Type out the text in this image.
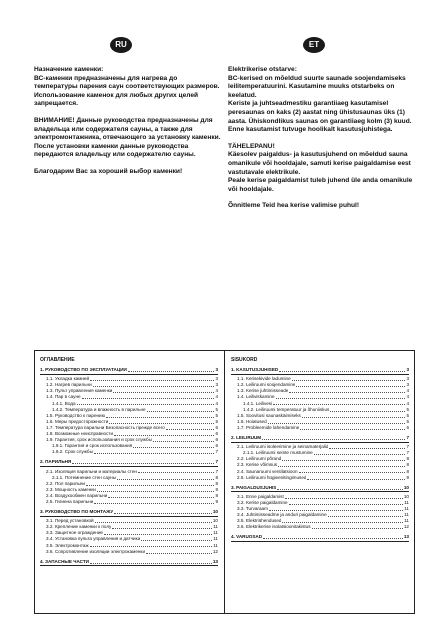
RU	ET

Назначение каменки:

ВС-каменки предназначены для нагрева до температуры парения саун соответствующих размеров. Использование каменок для любых других целей запрещается.

ВНИМАНИЕ! Данные руководства предназначены для владельца или содержателя сауны, а также для электромонтажника, отвечающего за установку каменки.

После установки каменки данные руководства передаются владельцу или содержателю сауны.

Благодарим Вас за хороший выбор каменки!

Elektrikerise otstarve:

BC-kerised on mõeldud suurte saunade soojendamiseks leilitemperatuurini. Kasutamine muuks otstarbeks on keelatud.

Keriste ja juhtseadmestiku garantiiaeg kasutamisel peresaunas on kaks (2) aastat ning ühistusaunas üks (1) aasta. Ühiskondlikus saunas on garantiiaeg kolm (3) kuud.

Enne kasutamist tutvuge hoolikalt kasutusjuhistega.

TÄHELEPANU!

Käesolev paigaldus- ja kasutusjuhend on mõeldud sauna omanikule või hooldajale, samuti kerise paigaldamise eest vastutavale elektrikule.

Peale kerise paigaldamist tuleb juhend üle anda omanikule või hooldajale.

Õnnitleme Teid hea kerise valimise puhul!

ОГЛАВЛЕНИЕ
1. РУКОВОДСТВО ПО ЭКСПЛУАТАЦИИ	3
1.1. Укладка камней	3
1.2. Нагрев парильни	3
1.3. Пульт управления каменки	4
1.4. Пар в сауне	4
1.4.1. Вода	4
1.4.2. Температура и влажность в парильне	5
1.5. Руководство к парению	5
1.6. Меры предосторожности	5
1.7. Температура парильни Безопасность прежде всего	6
1.8. Возможные неисправности	6
1.9. Гарантия, срок использования и срок службы	6
1.9.1. Гарантия и срок использования	6
1.9.2. Срок службы	7
2. ПАРИЛЬНЯ	7
2.1. Изоляция парильни и материалы стен	7
2.1.1. Потемнение стен сауны	8
2.2. Пол парильни	8
2.3. Мощность каменки	8
2.4. Воздухообмен парильни	8
2.5. Гигиена парильни	9
3. РУКОВОДСТВО ПО МОНТАЖУ	10
3.1. Перед установкой	10
3.2. Крепление каменки к полу	11
3.3. Защитное ограждение	11
3.4. Установка пульта управления и датчика	11
3.5. Электромонтаж	11
3.6. Сопротивление изоляции электрокаменки	12
4. ЗАПАСНЫЕ ЧАСТИ	13
SISUKORD
1. KASUTUSJUHISED	3
1.1. Kerisekivide laduminе	3
1.2. Leiliruumi soojendamine	3
1.3. Kerise juhtimisseade	4
1.4. Leiliviskamine	4
1.4.1. Leilivesi	4
1.4.2. Leiliruumi temperatuur ja õhuniiskus	5
1.5. Soovitusi saunaskäimiseks	5
1.6. Hoiatused	5
1.7. Probleemide lahendamine	6
2. LEILIRUUM	7
2.1. Leiliruumi isoleerimine ja seinamaterjalid	7
2.1.1. Leiliruumi seinte mustumine	7
2.2. Leiliruumi põrand	8
2.3. Kerise võimsus	8
2.4. Saunaruumi ventilatsioon	8
2.5. Leiliruumi hügieenitingimused	9
3. PAIGALDUSJUHIS	10
3.1. Enne paigaldamist	10
3.2. Kerise paigaldamine	11
3.3. Turvaraam	11
3.4. Juhtimisseadme ja anduri paigaldamine	11
3.5. Elektriühendused	11
3.6. Elektrikerise isolatsioonitakistus	12
4. VARUOSAD	13
